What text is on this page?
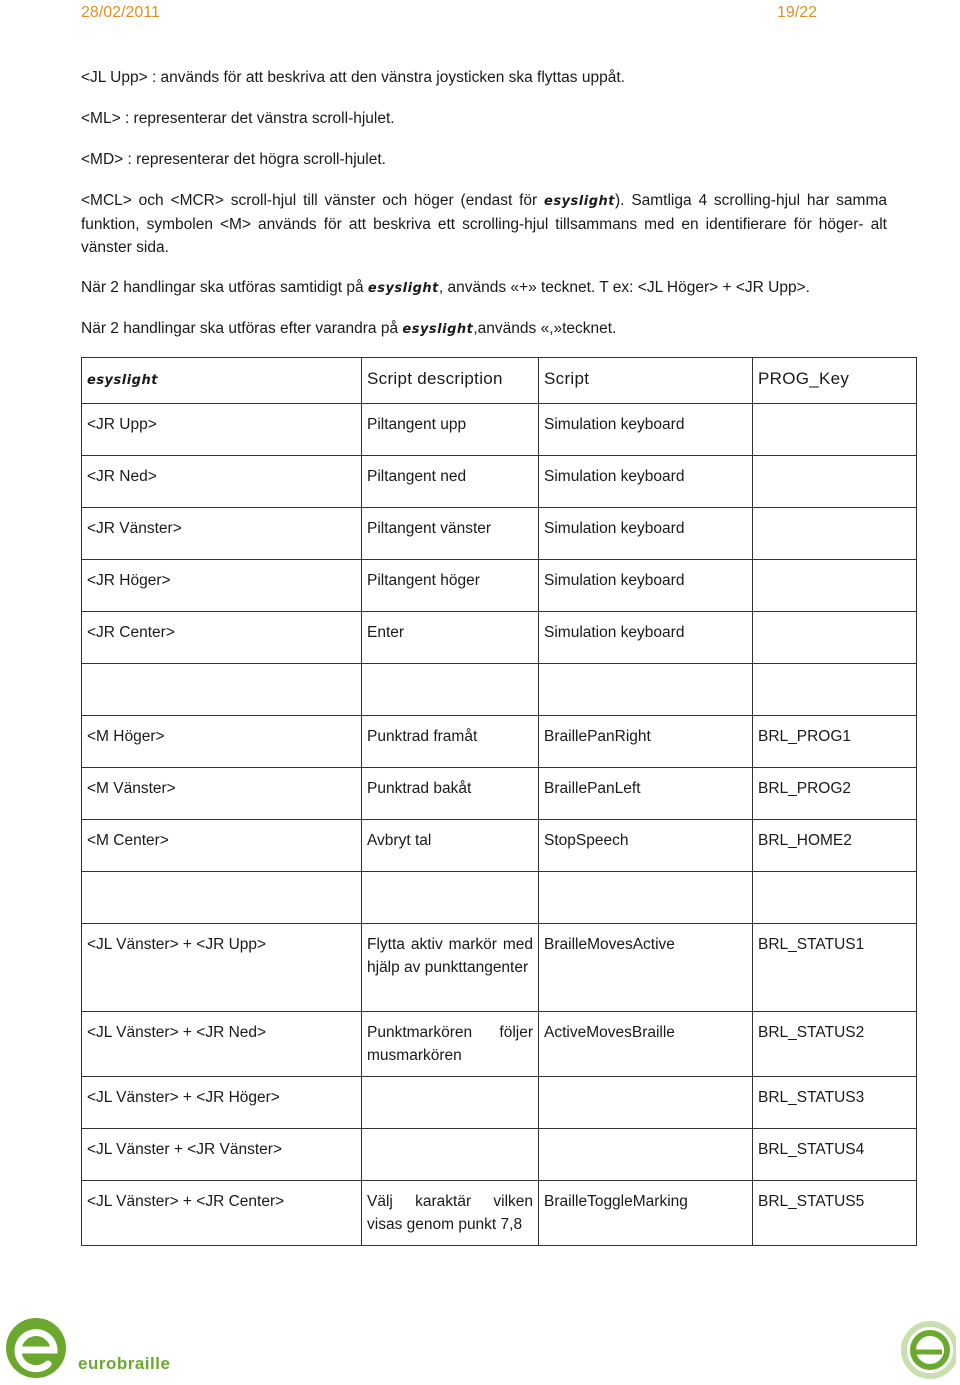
28/02/2011	19/22
<JL Upp> : används för att beskriva att den vänstra joysticken ska flyttas uppåt.
<ML> : representerar det vänstra scroll-hjulet.
<MD> : representerar det högra scroll-hjulet.
<MCL> och <MCR> scroll-hjul till vänster och höger (endast för esyslight). Samtliga 4 scrolling-hjul har samma funktion, symbolen <M> används för att beskriva ett scrolling-hjul tillsammans med en identifierare för höger- alt vänster sida.
När 2 handlingar ska utföras samtidigt på esyslight, används «+» tecknet. T ex: <JL Höger> + <JR Upp>.
När 2 handlingar ska utföras efter varandra på esyslight,används «,»tecknet.
esyslight	Script description	Script	PROG_Key
<JR Upp>	Piltangent upp	Simulation keyboard	
<JR Ned>	Piltangent ned	Simulation keyboard	
<JR Vänster>	Piltangent vänster	Simulation keyboard	
<JR Höger>	Piltangent höger	Simulation keyboard	
<JR Center>	Enter	Simulation keyboard	

<M Höger>	Punktrad framåt	BraillePanRight	BRL_PROG1
<M Vänster>	Punktrad bakåt	BraillePanLeft	BRL_PROG2
<M Center>	Avbryt tal	StopSpeech	BRL_HOME2

<JL Vänster> + <JR Upp>	Flytta aktiv markör med hjälp av punkttangenter	BrailleMovesActive	BRL_STATUS1
<JL Vänster> + <JR Ned>	Punktmarkören följer musmarkören	ActiveMovesBraille	BRL_STATUS2
<JL Vänster> + <JR Höger>			BRL_STATUS3
<JL Vänster + <JR Vänster>			BRL_STATUS4
<JL Vänster> + <JR Center>	Välj karaktär vilken visas genom punkt 7,8	BrailleToggleMarking	BRL_STATUS5
eurobraille
